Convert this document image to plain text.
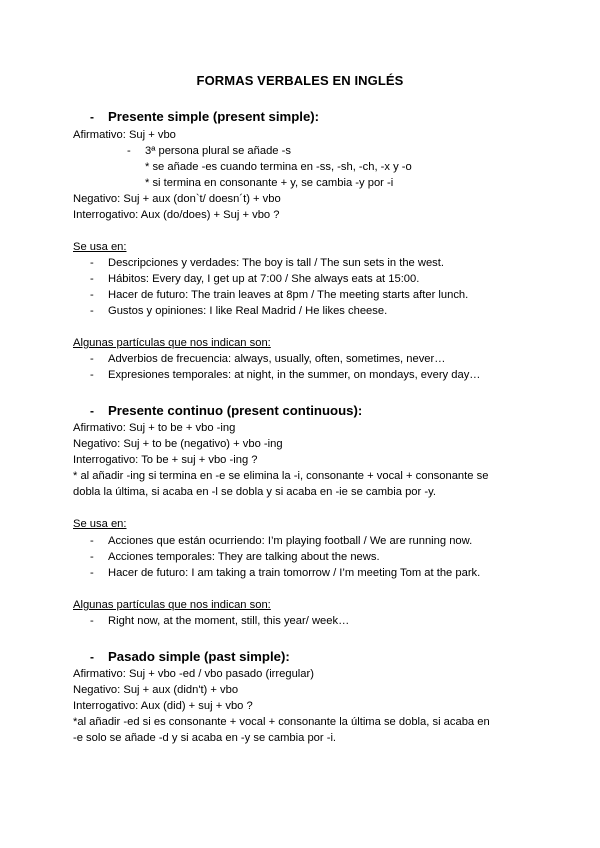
FORMAS VERBALES EN INGLÉS
- Presente simple (present simple):
Afirmativo: Suj + vbo
- 3ª persona plural se añade -s
* se añade -es cuando termina en -ss, -sh, -ch, -x y -o
* si termina en consonante + y, se cambia -y por -i
Negativo: Suj + aux (don`t/ doesn´t) + vbo
Interrogativo: Aux (do/does) + Suj + vbo ?
Se usa en:
- Descripciones y verdades: The boy is tall / The sun sets in the west.
- Hábitos: Every day, I get up at 7:00 / She always eats at 15:00.
- Hacer de futuro: The train leaves at 8pm / The meeting starts after lunch.
- Gustos y opiniones: I like Real Madrid / He likes cheese.
Algunas partículas que nos indican son:
- Adverbios de frecuencia: always, usually, often, sometimes, never…
- Expresiones temporales: at night, in the summer, on mondays, every day…
- Presente continuo (present continuous):
Afirmativo: Suj + to be + vbo -ing
Negativo: Suj + to be (negativo) + vbo -ing
Interrogativo: To be + suj + vbo -ing ?
* al añadir -ing si termina en -e se elimina la -i, consonante + vocal + consonante se
dobla la última, si acaba en -l se dobla y si acaba en -ie se cambia por -y.
Se usa en:
- Acciones que están ocurriendo: I’m playing football / We are running now.
- Acciones temporales: They are talking about the news.
- Hacer de futuro: I am taking a train tomorrow / I’m meeting Tom at the park.
Algunas partículas que nos indican son:
- Right now, at the moment, still, this year/ week…
- Pasado simple (past simple):
Afirmativo: Suj + vbo -ed / vbo pasado (irregular)
Negativo: Suj + aux (didn't) + vbo
Interrogativo: Aux (did) + suj + vbo ?
*al añadir -ed si es consonante + vocal + consonante la última se dobla, si acaba en
-e solo se añade -d y si acaba en -y se cambia por -i.
